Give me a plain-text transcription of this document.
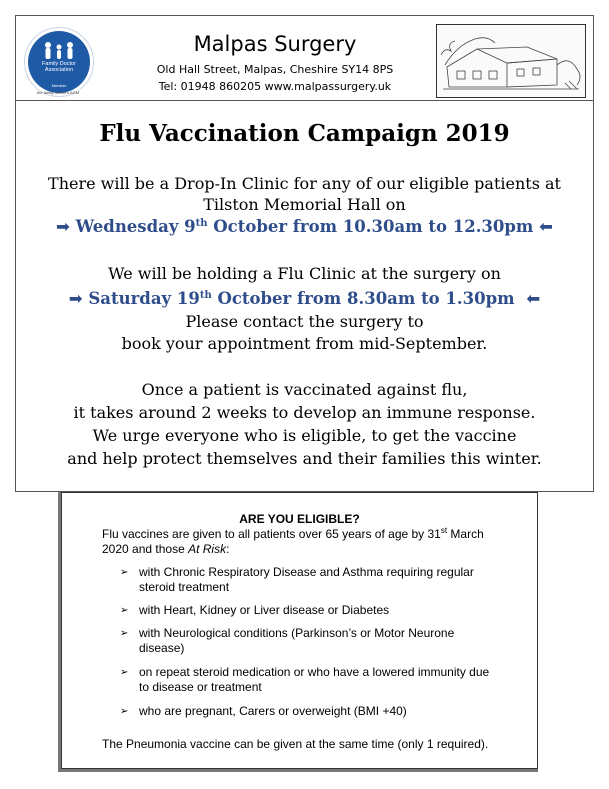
Family Doctor Association
Member
the family doctor's AGM
Malpas Surgery
Old Hall Street, Malpas, Cheshire SY14 8PS
Tel: 01948 860205 www.malpassurgery.uk
Flu Vaccination Campaign 2019
There will be a Drop-In Clinic for any of our eligible patients at
Tilston Memorial Hall on
➡ Wednesday 9th October from 10.30am to 12.30pm ⬅
We will be holding a Flu Clinic at the surgery on
➡ Saturday 19th October from 8.30am to 1.30pm ⬅
Please contact the surgery to
book your appointment from mid-September.
Once a patient is vaccinated against flu,
it takes around 2 weeks to develop an immune response.
We urge everyone who is eligible, to get the vaccine
and help protect themselves and their families this winter.
ARE YOU ELIGIBLE?
Flu vaccines are given to all patients over 65 years of age by 31st March
2020 and those At Risk:
➢ with Chronic Respiratory Disease and Asthma requiring regular
steroid treatment
➢ with Heart, Kidney or Liver disease or Diabetes
➢ with Neurological conditions (Parkinson’s or Motor Neurone
disease)
➢ on repeat steroid medication or who have a lowered immunity due
to disease or treatment
➢ who are pregnant, Carers or overweight (BMI +40)
The Pneumonia vaccine can be given at the same time (only 1 required).
